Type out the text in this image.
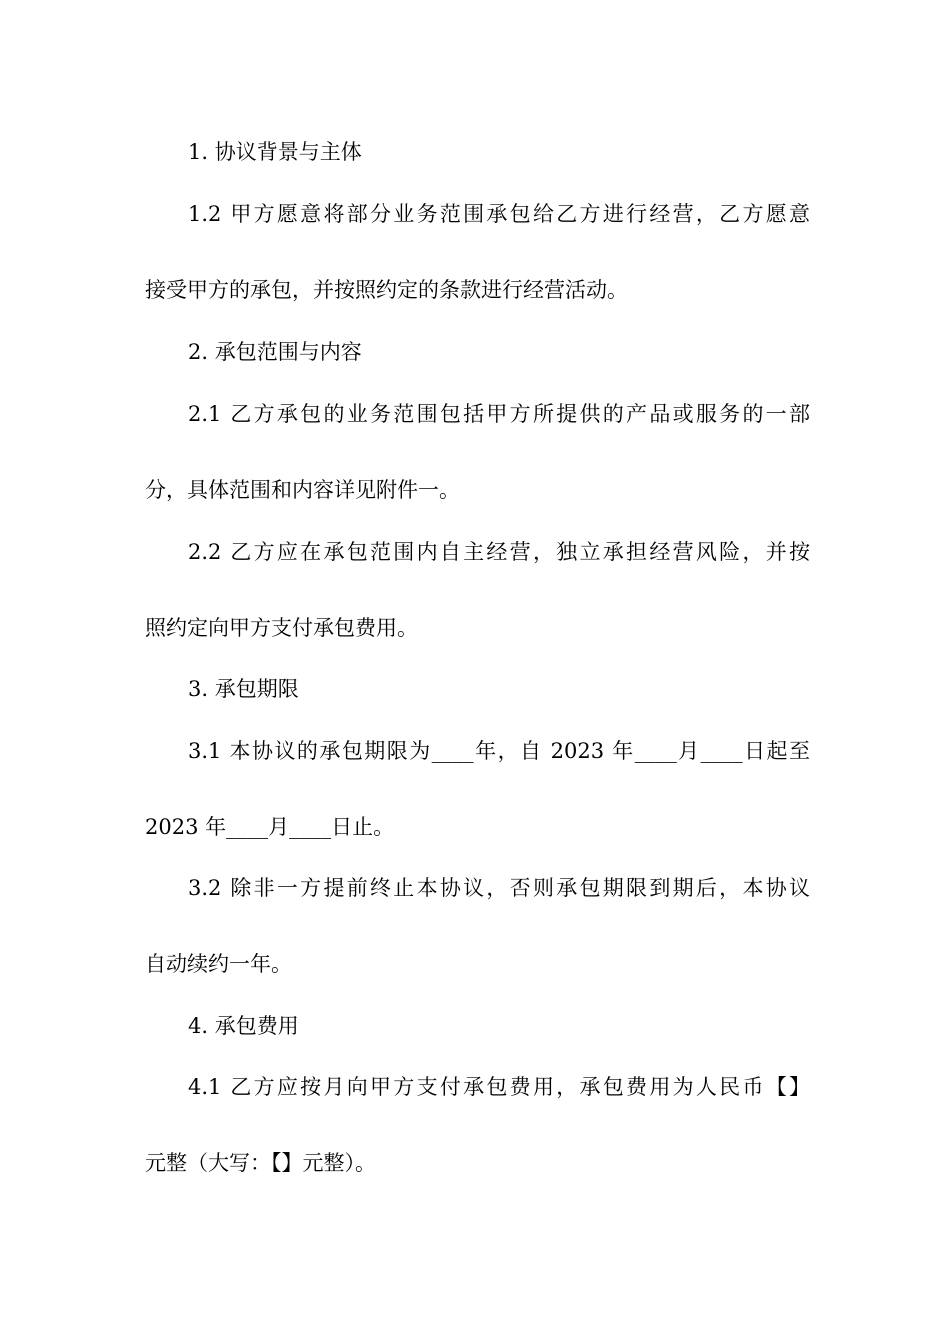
1. 协议背景与主体
1.2 甲方愿意将部分业务范围承包给乙方进行经营，乙方愿意
接受甲方的承包，并按照约定的条款进行经营活动。
2. 承包范围与内容
2.1 乙方承包的业务范围包括甲方所提供的产品或服务的一部
分，具体范围和内容详见附件一。
2.2 乙方应在承包范围内自主经营，独立承担经营风险，并按
照约定向甲方支付承包费用。
3. 承包期限
3.1 本协议的承包期限为____年，自 2023 年____月____日起至
2023 年____月____日止。
3.2 除非一方提前终止本协议，否则承包期限到期后，本协议
自动续约一年。
4. 承包费用
4.1 乙方应按月向甲方支付承包费用，承包费用为人民币【】
元整（大写：【】元整）。
